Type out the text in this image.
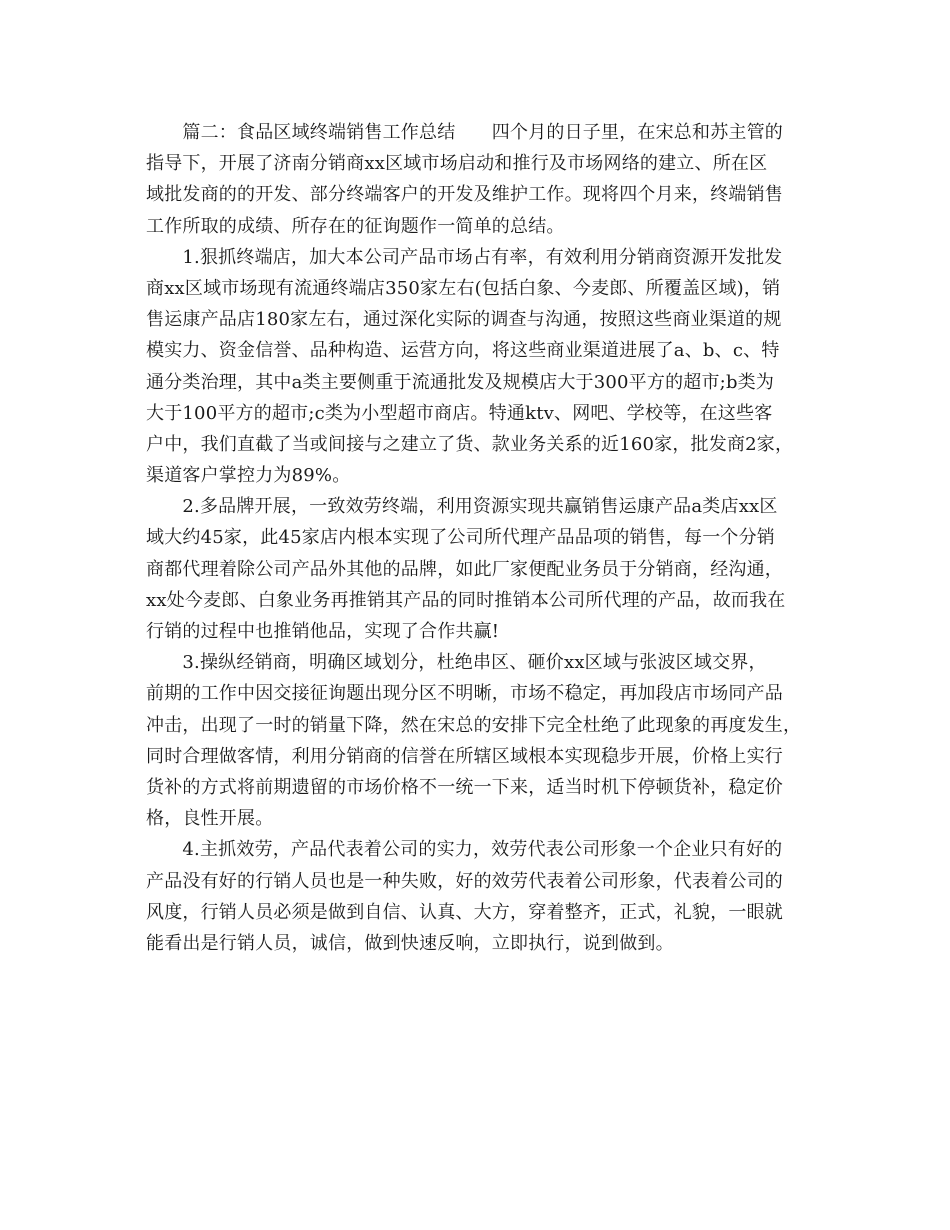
　　篇二：食品区域终端销售工作总结　　四个月的日子里，在宋总和苏主管的
指导下，开展了济南分销商xx区域市场启动和推行及市场网络的建立、所在区
域批发商的的开发、部分终端客户的开发及维护工作。现将四个月来，终端销售
工作所取的成绩、所存在的征询题作一简单的总结。
　　1.狠抓终端店，加大本公司产品市场占有率，有效利用分销商资源开发批发
商xx区域市场现有流通终端店350家左右(包括白象、今麦郎、所覆盖区域)，销
售运康产品店180家左右，通过深化实际的调查与沟通，按照这些商业渠道的规
模实力、资金信誉、品种构造、运营方向，将这些商业渠道进展了a、b、c、特
通分类治理，其中a类主要侧重于流通批发及规模店大于300平方的超市;b类为
大于100平方的超市;c类为小型超市商店。特通ktv、网吧、学校等，在这些客
户中，我们直截了当或间接与之建立了货、款业务关系的近160家，批发商2家，
渠道客户掌控力为89%。
　　2.多品牌开展，一致效劳终端，利用资源实现共赢销售运康产品a类店xx区
域大约45家，此45家店内根本实现了公司所代理产品品项的销售，每一个分销
商都代理着除公司产品外其他的品牌，如此厂家便配业务员于分销商，经沟通，
xx处今麦郎、白象业务再推销其产品的同时推销本公司所代理的产品，故而我在
行销的过程中也推销他品，实现了合作共赢!
　　3.操纵经销商，明确区域划分，杜绝串区、砸价xx区域与张波区域交界，
前期的工作中因交接征询题出现分区不明晰，市场不稳定，再加段店市场同产品
冲击，出现了一时的销量下降，然在宋总的安排下完全杜绝了此现象的再度发生，
同时合理做客情，利用分销商的信誉在所辖区域根本实现稳步开展，价格上实行
货补的方式将前期遗留的市场价格不一统一下来，适当时机下停顿货补，稳定价
格，良性开展。
　　4.主抓效劳，产品代表着公司的实力，效劳代表公司形象一个企业只有好的
产品没有好的行销人员也是一种失败，好的效劳代表着公司形象，代表着公司的
风度，行销人员必须是做到自信、认真、大方，穿着整齐，正式，礼貌，一眼就
能看出是行销人员，诚信，做到快速反响，立即执行，说到做到。
